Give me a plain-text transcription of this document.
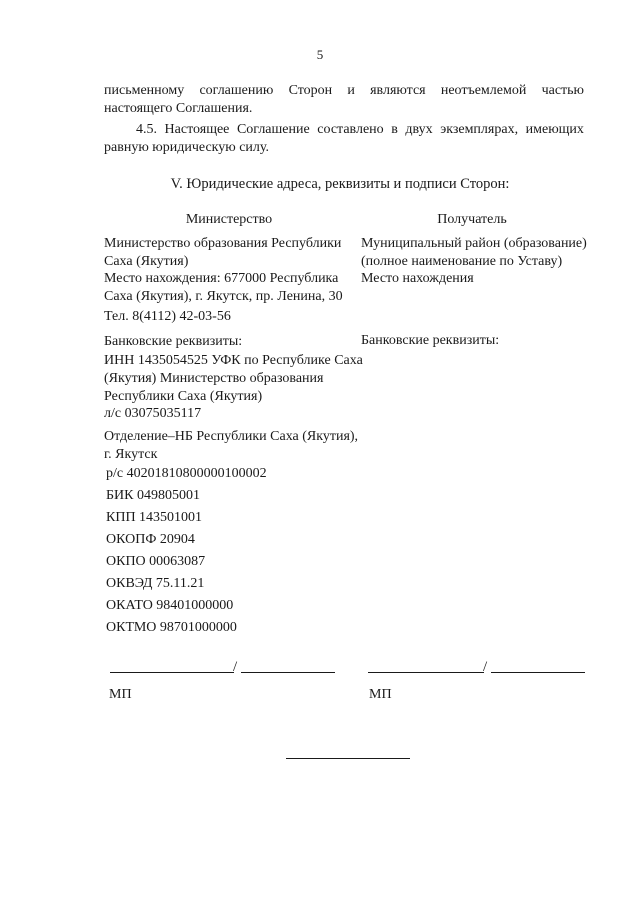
5
письменному соглашению Сторон и являются неотъемлемой частью
настоящего Соглашения.
4.5. Настоящее Соглашение составлено в двух экземплярах, имеющих
равную юридическую силу.
V. Юридические адреса, реквизиты и подписи Сторон:
Министерство	Получатель
Министерство образования Республики
Саха (Якутия)
Место нахождения: 677000 Республика
Саха (Якутия), г. Якутск, пр. Ленина, 30
Тел. 8(4112) 42-03-56
Банковские реквизиты:
ИНН 1435054525 УФК по Республике Саха
(Якутия) Министерство образования
Республики Саха (Якутия)
л/с 03075035117
Отделение–НБ Республики Саха (Якутия),
г. Якутск
р/с 40201810800000100002
БИК 049805001
КПП 143501001
ОКОПФ 20904
ОКПО 00063087
ОКВЭД 75.11.21
ОКАТО 98401000000
ОКТМО 98701000000
Муниципальный район (образование)
(полное наименование по Уставу)
Место нахождения
Банковские реквизиты:
/
МП
/
МП
